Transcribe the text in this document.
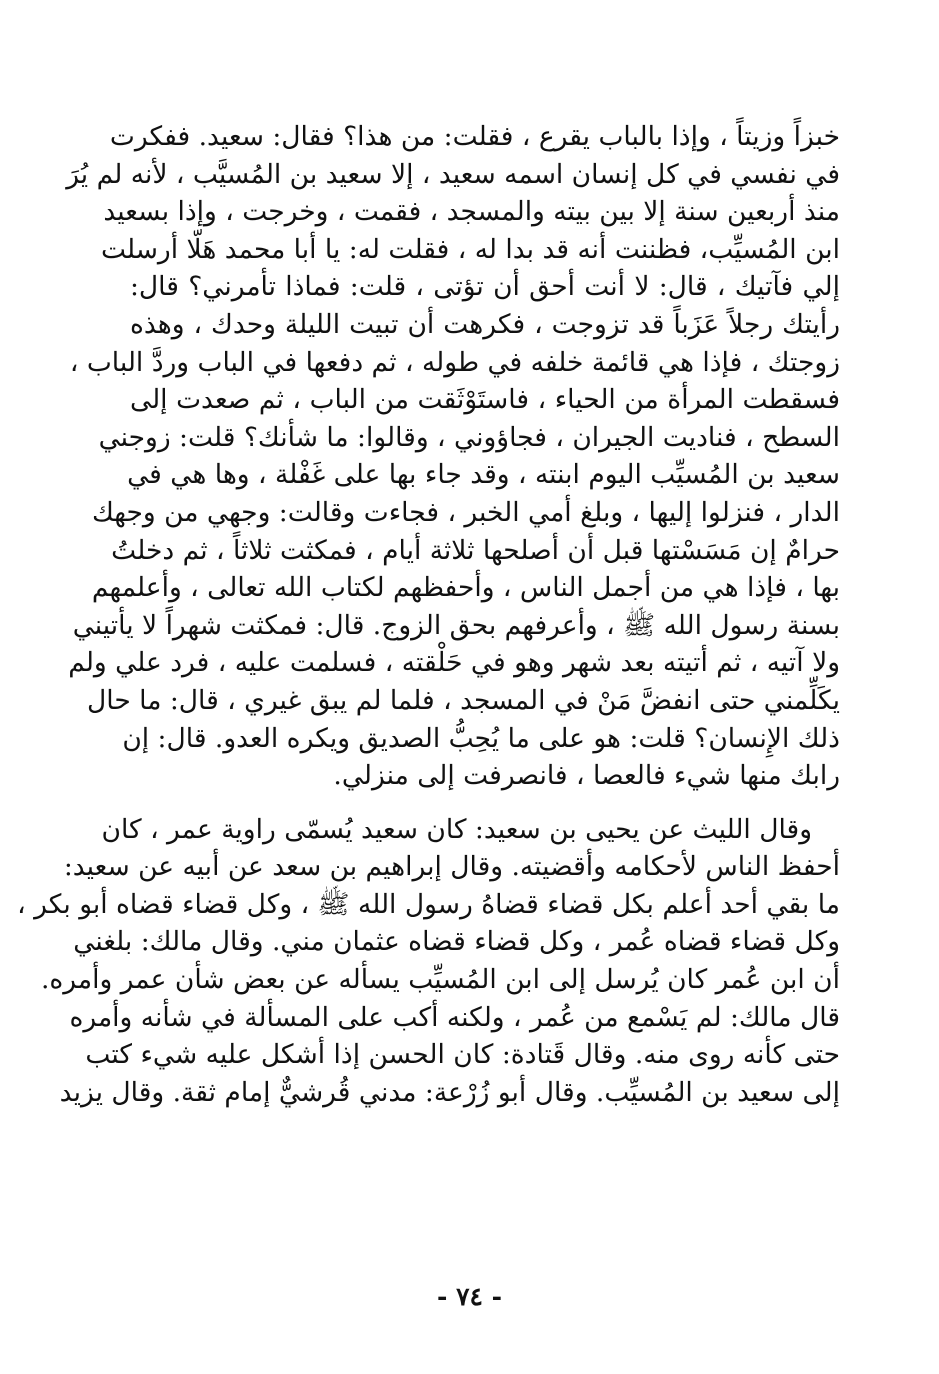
خبزاً وزيتاً ، وإذا بالباب يقرع ، فقلت: من هذا؟ فقال: سعيد. ففكرت
في نفسي في كل إنسان اسمه سعيد ، إلا سعيد بن المُسيَّب ، لأنه لم يُرَ
منذ أربعين سنة إلا بين بيته والمسجد ، فقمت ، وخرجت ، وإذا بسعيد
ابن المُسيِّب، فظننت أنه قد بدا له ، فقلت له: يا أبا محمد هَلّا أرسلت
إلي فآتيك ، قال: لا أنت أحق أن تؤتى ، قلت: فماذا تأمرني؟ قال:
رأيتك رجلاً عَزَباً قد تزوجت ، فكرهت أن تبيت الليلة وحدك ، وهذه
زوجتك ، فإذا هي قائمة خلفه في طوله ، ثم دفعها في الباب وردَّ الباب ،
فسقطت المرأة من الحياء ، فاستَوْثَقت من الباب ، ثم صعدت إلى
السطح ، فناديت الجيران ، فجاؤوني ، وقالوا: ما شأنك؟ قلت: زوجني
سعيد بن المُسيِّب اليوم ابنته ، وقد جاء بها على غَفْلة ، وها هي في
الدار ، فنزلوا إليها ، وبلغ أمي الخبر ، فجاءت وقالت: وجهي من وجهك
حرامٌ إن مَسَسْتها قبل أن أصلحها ثلاثة أيام ، فمكثت ثلاثاً ، ثم دخلتُ
بها ، فإذا هي من أجمل الناس ، وأحفظهم لكتاب الله تعالى ، وأعلمهم
بسنة رسول الله ﷺ ، وأعرفهم بحق الزوج. قال: فمكثت شهراً لا يأتيني
ولا آتيه ، ثم أتيته بعد شهر وهو في حَلْقته ، فسلمت عليه ، فرد علي ولم
يكَلِّمني حتى انفضَّ مَنْ في المسجد ، فلما لم يبق غيري ، قال: ما حال
ذلك الإِنسان؟ قلت: هو على ما يُحِبُّ الصديق ويكره العدو. قال: إن
رابك منها شيء فالعصا ، فانصرفت إلى منزلي.
وقال الليث عن يحيى بن سعيد: كان سعيد يُسمّى راوية عمر ، كان
أحفظ الناس لأحكامه وأقضيته. وقال إبراهيم بن سعد عن أبيه عن سعيد:
ما بقي أحد أعلم بكل قضاء قضاهُ رسول الله ﷺ ، وكل قضاء قضاه أبو بكر ،
وكل قضاء قضاه عُمر ، وكل قضاء قضاه عثمان مني. وقال مالك: بلغني
أن ابن عُمر كان يُرسل إلى ابن المُسيِّب يسأله عن بعض شأن عمر وأمره.
قال مالك: لم يَسْمع من عُمر ، ولكنه أكب على المسألة في شأنه وأمره
حتى كأنه روى منه. وقال قَتادة: كان الحسن إذا أشكل عليه شيء كتب
إلى سعيد بن المُسيِّب. وقال أبو زُرْعة: مدني قُرشيٌّ إمام ثقة. وقال يزيد
- ٧٤ -
